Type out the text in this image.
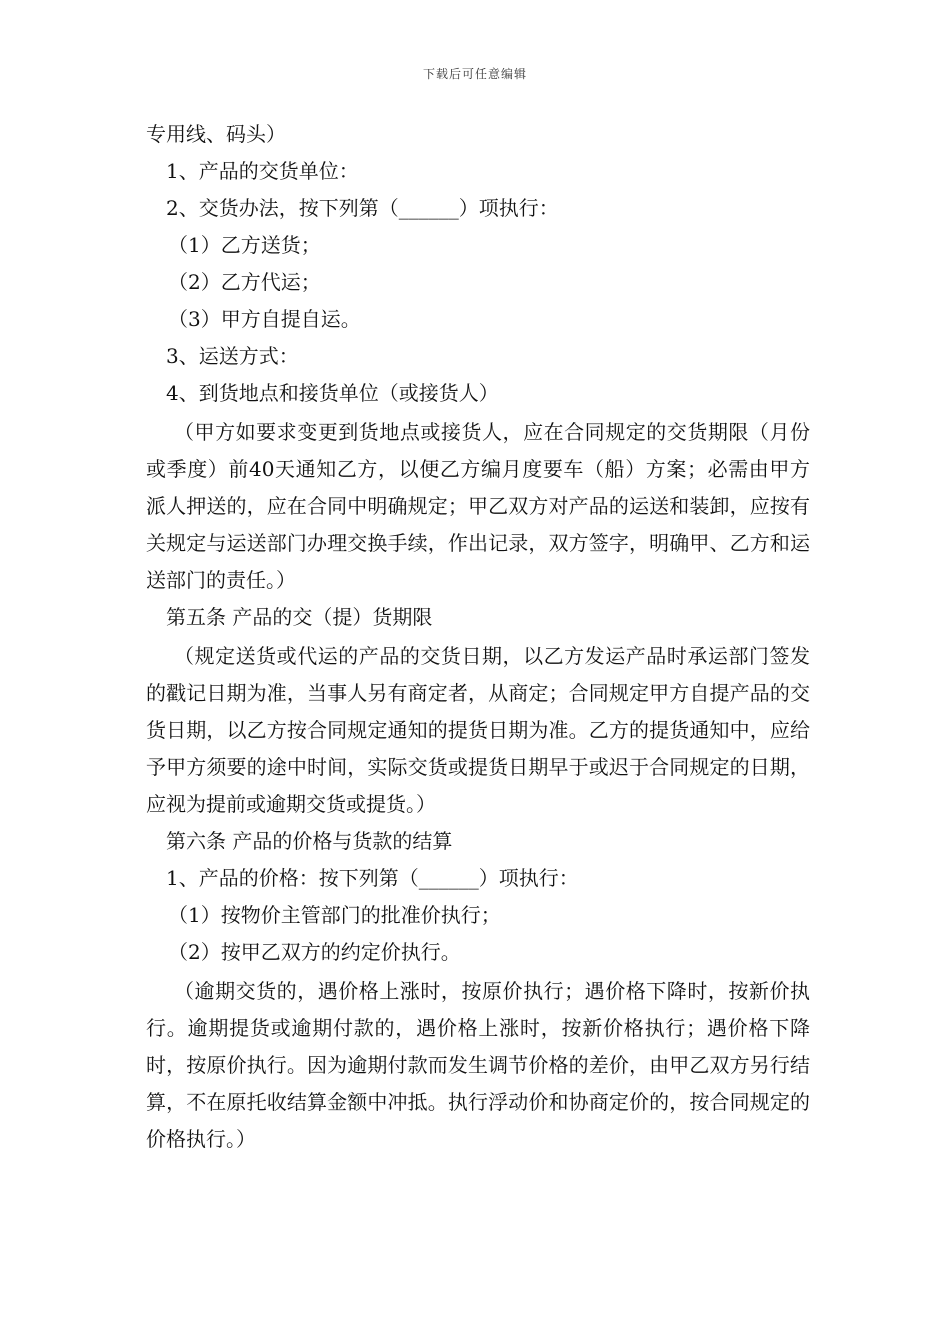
下载后可任意编辑
专用线、码头）
1、产品的交货单位：
2、交货办法，按下列第（______）项执行：
（1）乙方送货；
（2）乙方代运；
（3）甲方自提自运。
3、运送方式：
4、到货地点和接货单位（或接货人）
（甲方如要求变更到货地点或接货人，应在合同规定的交货期限（月份或季度）前40天通知乙方，以便乙方编月度要车（船）方案；必需由甲方派人押送的，应在合同中明确规定；甲乙双方对产品的运送和装卸，应按有关规定与运送部门办理交换手续，作出记录，双方签字，明确甲、乙方和运送部门的责任。）
第五条 产品的交（提）货期限
（规定送货或代运的产品的交货日期，以乙方发运产品时承运部门签发的戳记日期为准，当事人另有商定者，从商定；合同规定甲方自提产品的交货日期，以乙方按合同规定通知的提货日期为准。乙方的提货通知中，应给予甲方须要的途中时间，实际交货或提货日期早于或迟于合同规定的日期，应视为提前或逾期交货或提货。）
第六条 产品的价格与货款的结算
1、产品的价格：按下列第（______）项执行：
（1）按物价主管部门的批准价执行；
（2）按甲乙双方的约定价执行。
（逾期交货的，遇价格上涨时，按原价执行；遇价格下降时，按新价执行。逾期提货或逾期付款的，遇价格上涨时，按新价格执行；遇价格下降时，按原价执行。因为逾期付款而发生调节价格的差价，由甲乙双方另行结算，不在原托收结算金额中冲抵。执行浮动价和协商定价的，按合同规定的价格执行。）
